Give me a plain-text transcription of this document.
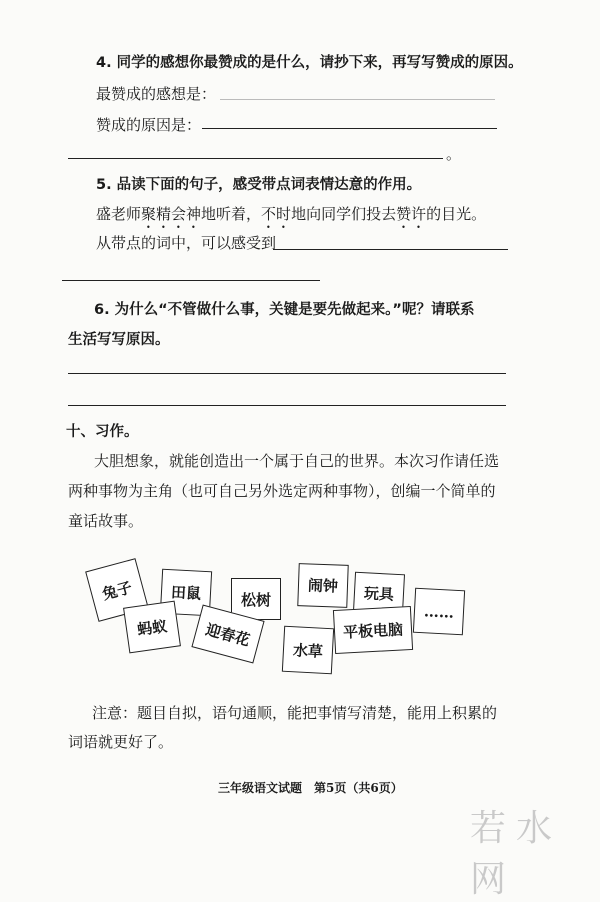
4. 同学的感想你最赞成的是什么，请抄下来，再写写赞成的原因。
最赞成的感想是：
赞成的原因是：
。
5. 品读下面的句子，感受带点词表情达意的作用。
盛老师聚精会神地听着，不时地向同学们投去赞许的目光。
从带点的词中，可以感受到
6. 为什么“不管做什么事，关键是要先做起来。”呢？请联系
生活写写原因。
十、习作。
大胆想象，就能创造出一个属于自己的世界。本次习作请任选
两种事物为主角（也可自己另外选定两种事物），创编一个简单的
童话故事。
兔子	田鼠
蚂蚁
松树
迎春花
闹钟
水草
玩具
平板电脑
……
注意：题目自拟，语句通顺，能把事情写清楚，能用上积累的
词语就更好了。
三年级语文试题　第5页（共6页）
若水网
